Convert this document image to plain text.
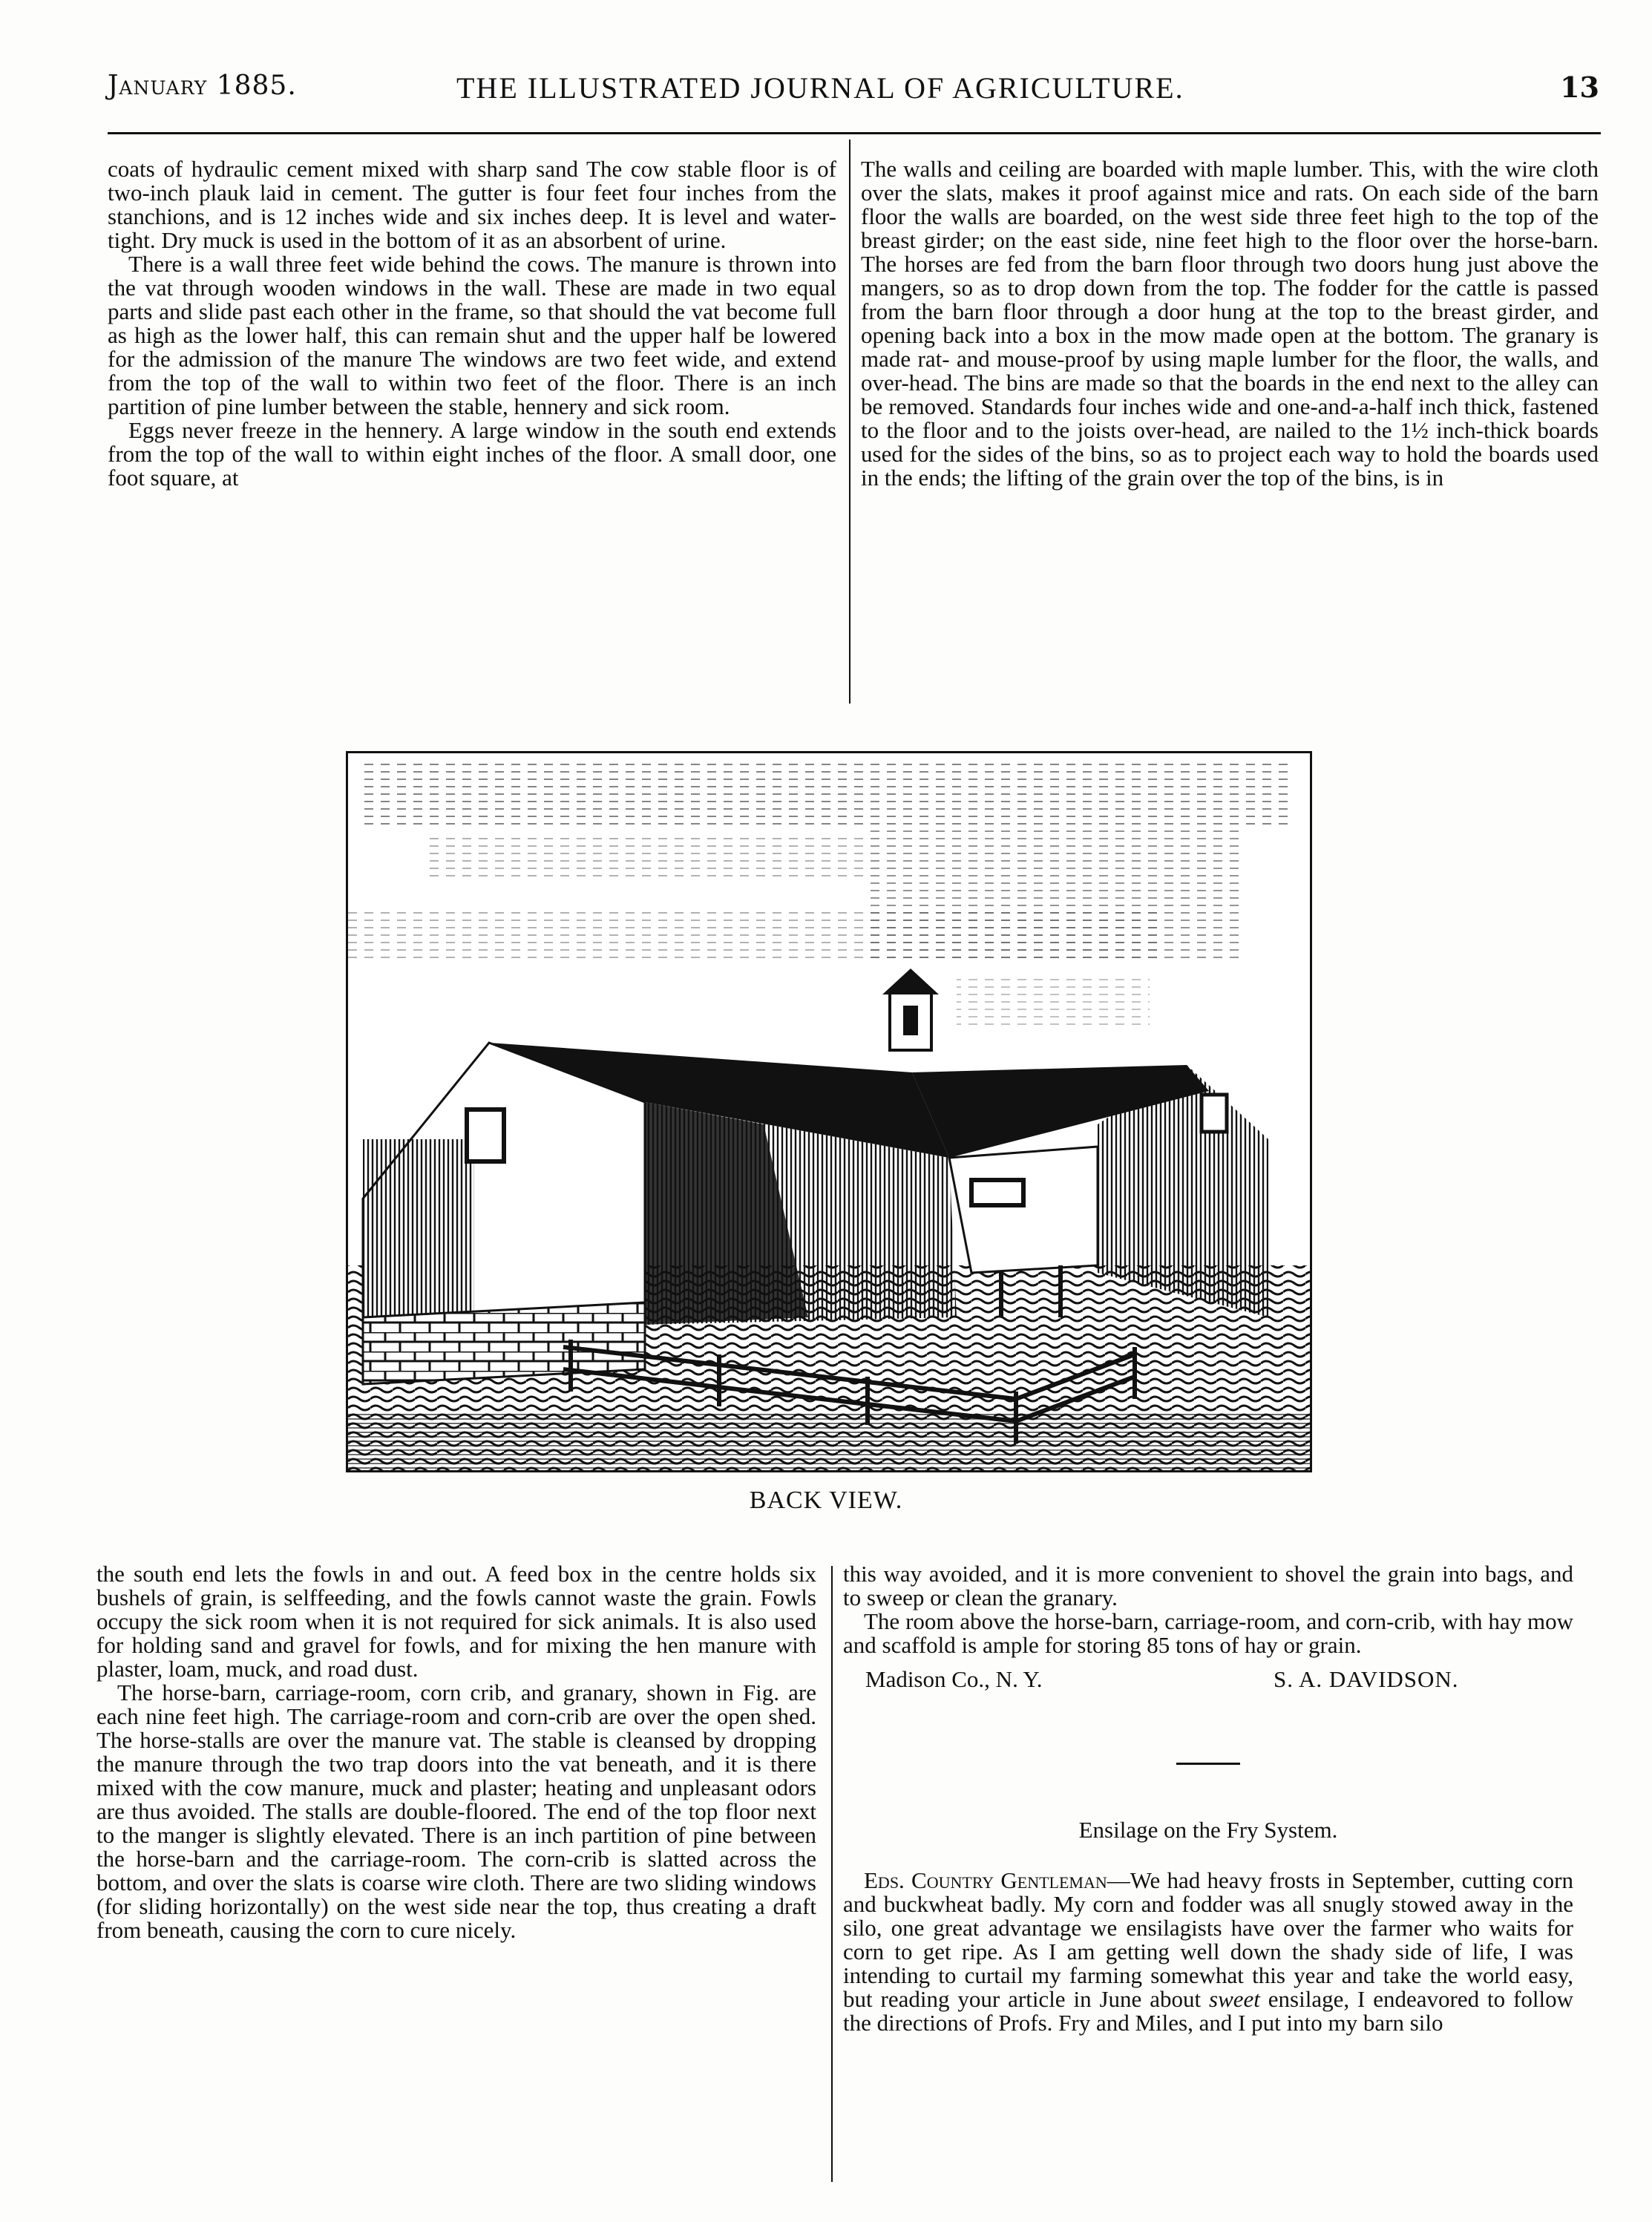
January 1885.	THE ILLUSTRATED JOURNAL OF AGRICULTURE.	13

coats of hydraulic cement mixed with sharp sand The cow stable floor is of two-inch plauk laid in cement. The gutter is four feet four inches from the stanchions, and is 12 inches wide and six inches deep. It is level and water-tight. Dry muck is used in the bottom of it as an absorbent of urine.

There is a wall three feet wide behind the cows. The manure is thrown into the vat through wooden windows in the wall. These are made in two equal parts and slide past each other in the frame, so that should the vat become full as high as the lower half, this can remain shut and the upper half be lowered for the admission of the manure The windows are two feet wide, and extend from the top of the wall to within two feet of the floor. There is an inch partition of pine lumber between the stable, hennery and sick room.

Eggs never freeze in the hennery. A large window in the south end extends from the top of the wall to within eight inches of the floor. A small door, one foot square, at

The walls and ceiling are boarded with maple lumber. This, with the wire cloth over the slats, makes it proof against mice and rats. On each side of the barn floor the walls are boarded, on the west side three feet high to the top of the breast girder; on the east side, nine feet high to the floor over the horse-barn. The horses are fed from the barn floor through two doors hung just above the mangers, so as to drop down from the top. The fodder for the cattle is passed from the barn floor through a door hung at the top to the breast girder, and opening back into a box in the mow made open at the bottom. The granary is made rat- and mouse-proof by using maple lumber for the floor, the walls, and over-head. The bins are made so that the boards in the end next to the alley can be removed. Standards four inches wide and one-and-a-half inch thick, fastened to the floor and to the joists over-head, are nailed to the 1½ inch-thick boards used for the sides of the bins, so as to project each way to hold the boards used in the ends; the lifting of the grain over the top of the bins, is in

BACK VIEW.

the south end lets the fowls in and out. A feed box in the centre holds six bushels of grain, is selffeeding, and the fowls cannot waste the grain. Fowls occupy the sick room when it is not required for sick animals. It is also used for holding sand and gravel for fowls, and for mixing the hen manure with plaster, loam, muck, and road dust.

The horse-barn, carriage-room, corn crib, and granary, shown in Fig. are each nine feet high. The carriage-room and corn-crib are over the open shed. The horse-stalls are over the manure vat. The stable is cleansed by dropping the manure through the two trap doors into the vat beneath, and it is there mixed with the cow manure, muck and plaster; heating and unpleasant odors are thus avoided. The stalls are double-floored. The end of the top floor next to the manger is slightly elevated. There is an inch partition of pine between the horse-barn and the carriage-room. The corn-crib is slatted across the bottom, and over the slats is coarse wire cloth. There are two sliding windows (for sliding horizontally) on the west side near the top, thus creating a draft from beneath, causing the corn to cure nicely.

this way avoided, and it is more convenient to shovel the grain into bags, and to sweep or clean the granary.

The room above the horse-barn, carriage-room, and corn-crib, with hay mow and scaffold is ample for storing 85 tons of hay or grain.

Madison Co., N. Y.	S. A. DAVIDSON.

Ensilage on the Fry System.

Eds. Country Gentleman—We had heavy frosts in September, cutting corn and buckwheat badly. My corn and fodder was all snugly stowed away in the silo, one great advantage we ensilagists have over the farmer who waits for corn to get ripe. As I am getting well down the shady side of life, I was intending to curtail my farming somewhat this year and take the world easy, but reading your article in June about sweet ensilage, I endeavored to follow the directions of Profs. Fry and Miles, and I put into my barn silo
